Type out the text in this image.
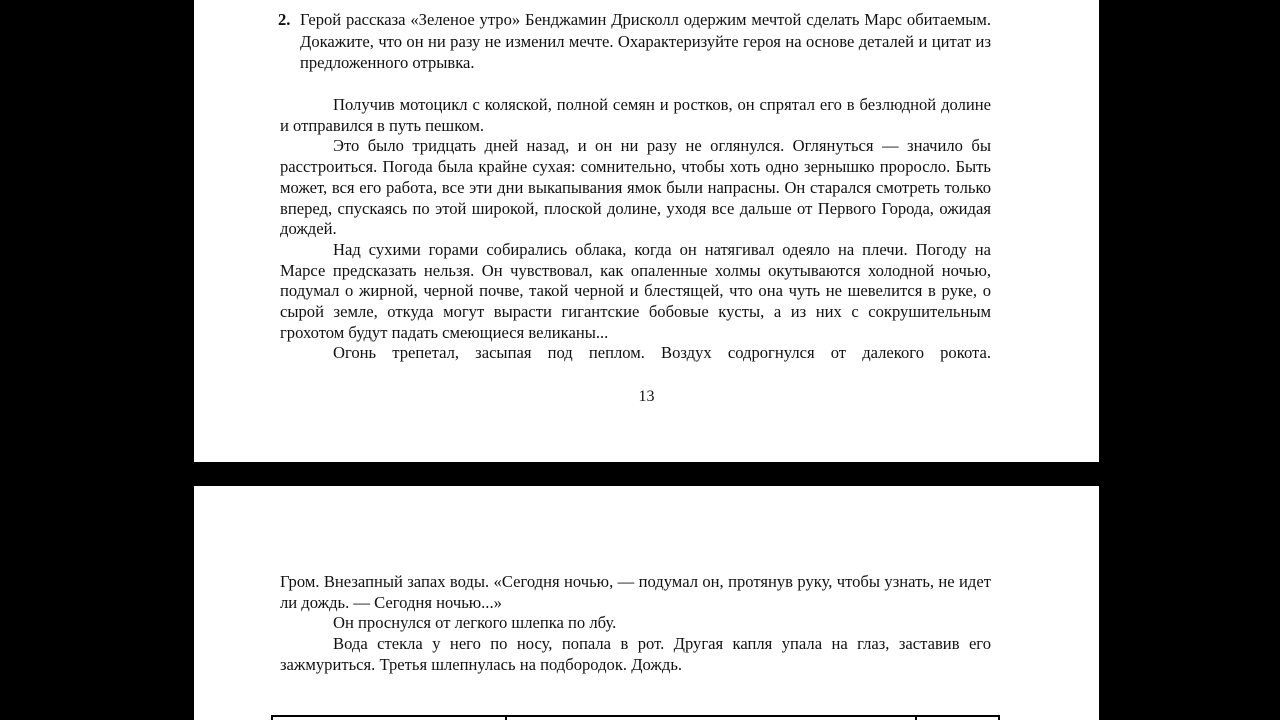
2. Герой рассказа «Зеленое утро» Бенджамин Дрисколл одержим мечтой сделать Марс обитаемым. Докажите, что он ни разу не изменил мечте. Охарактеризуйте героя на основе деталей и цитат из предложенного отрывка.

Получив мотоцикл с коляской, полной семян и ростков, он спрятал его в безлюдной долине и отправился в путь пешком.

Это было тридцать дней назад, и он ни разу не оглянулся. Оглянуться — значило бы расстроиться. Погода была крайне сухая: сомнительно, чтобы хоть одно зернышко проросло. Быть может, вся его работа, все эти дни выкапывания ямок были напрасны. Он старался смотреть только вперед, спускаясь по этой широкой, плоской долине, уходя все дальше от Первого Города, ожидая дождей.

Над сухими горами собирались облака, когда он натягивал одеяло на плечи. Погоду на Марсе предсказать нельзя. Он чувствовал, как опаленные холмы окутываются холодной ночью, подумал о жирной, черной почве, такой черной и блестящей, что она чуть не шевелится в руке, о сырой земле, откуда могут вырасти гигантские бобовые кусты, а из них с сокрушительным грохотом будут падать смеющиеся великаны...

Огонь трепетал, засыпая под пеплом. Воздух содрогнулся от далекого рокота.

13

Гром. Внезапный запах воды. «Сегодня ночью, — подумал он, протянув руку, чтобы узнать, не идет ли дождь. — Сегодня ночью...»

Он проснулся от легкого шлепка по лбу.

Вода стекла у него по носу, попала в рот. Другая капля упала на глаз, заставив его зажмуриться. Третья шлепнулась на подбородок. Дождь.
